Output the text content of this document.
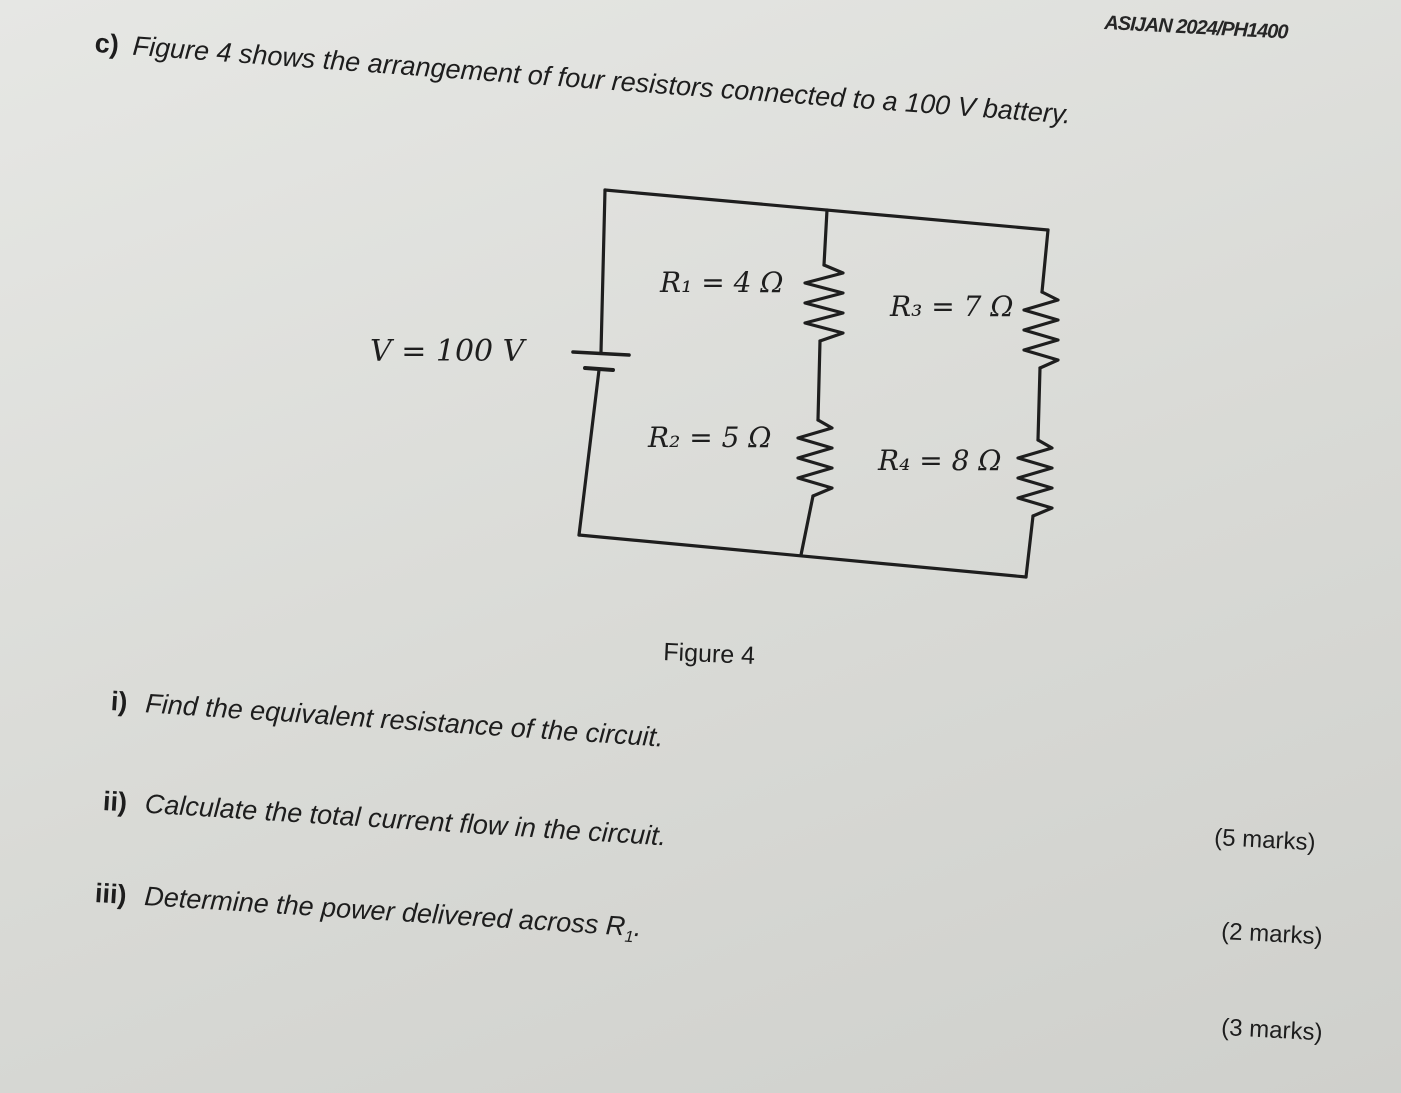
ASIJAN 2024/PH1400
c) Figure 4 shows the arrangement of four resistors connected to a 100 V battery.
V = 100 V
R₁ = 4 Ω
R₂ = 5 Ω
R₃ = 7 Ω
R₄ = 8 Ω
Figure 4
i) Find the equivalent resistance of the circuit.
ii) Calculate the total current flow in the circuit.
iii) Determine the power delivered across $R_1$.
(5 marks)
(2 marks)
(3 marks)
